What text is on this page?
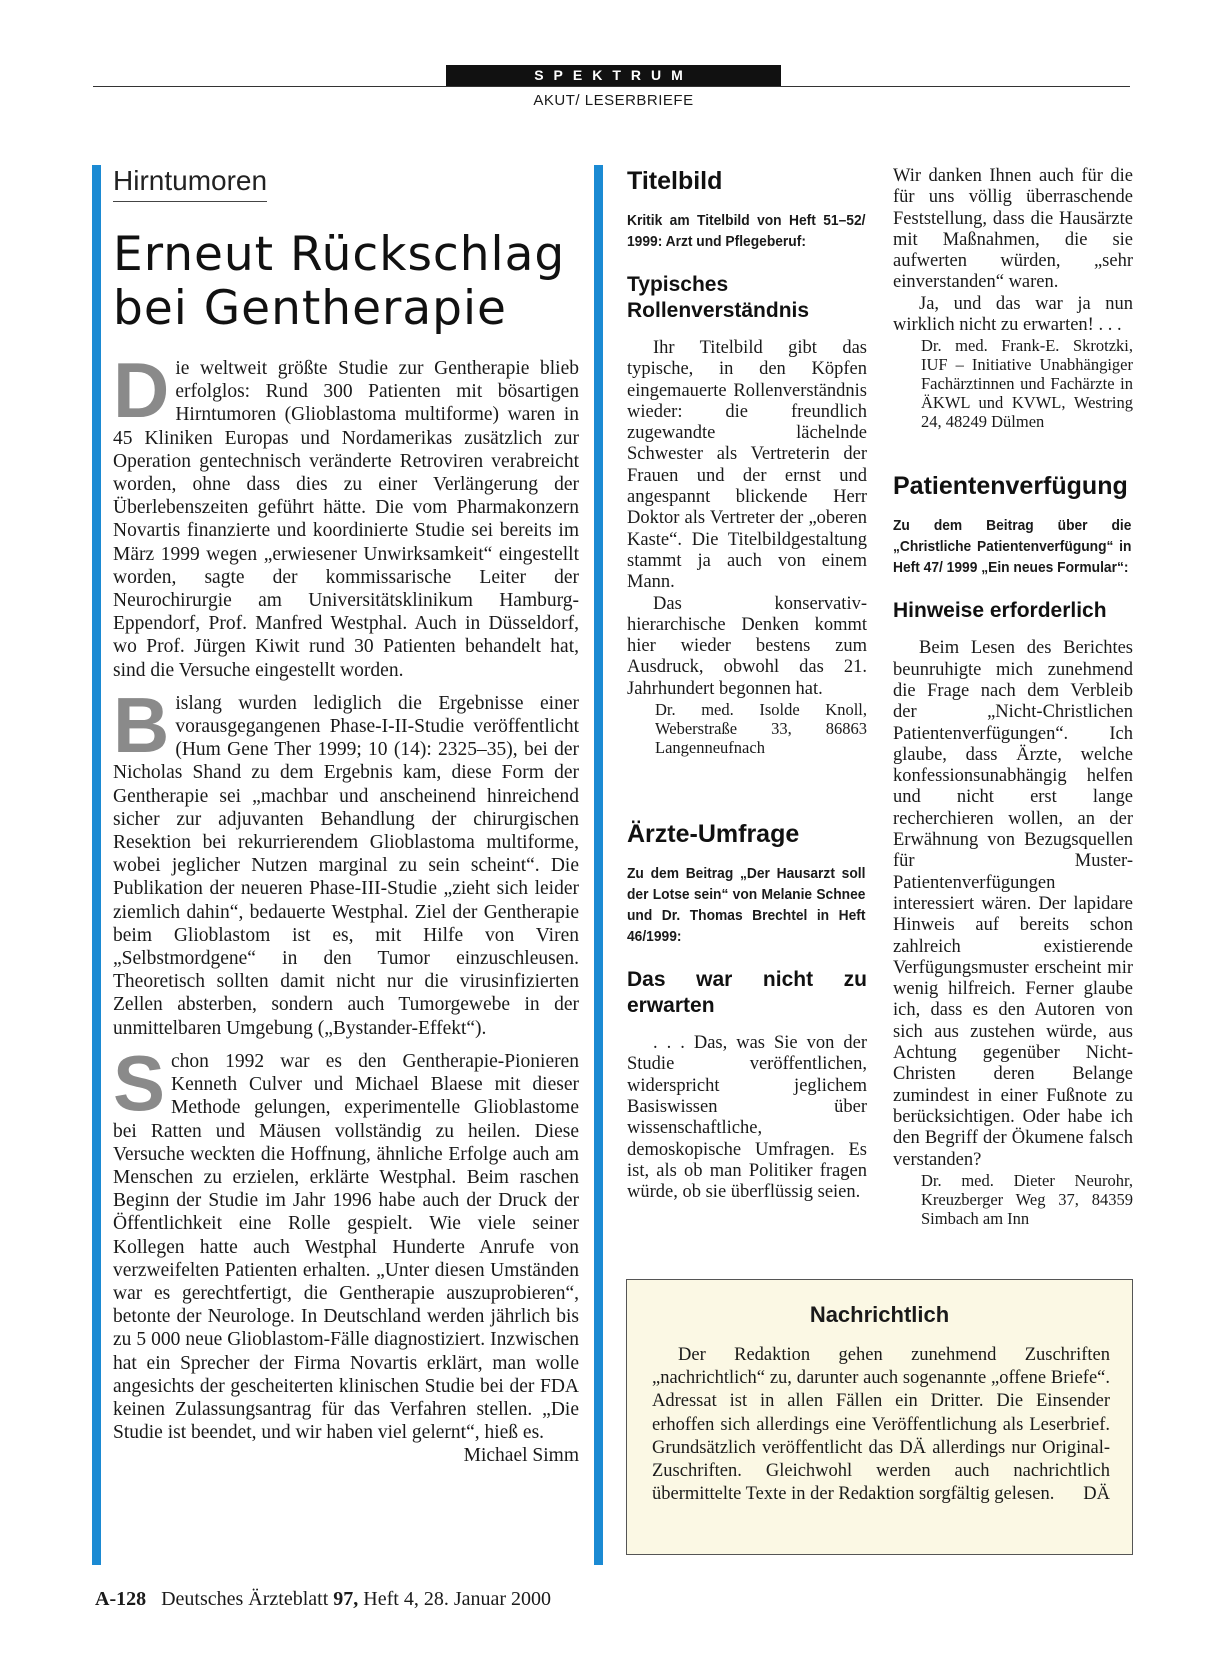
SPEKTRUM
AKUT/ LESERBRIEFE
Hirntumoren
Erneut Rückschlag bei Gentherapie

Die weltweit größte Studie zur Gentherapie blieb erfolglos: Rund 300 Patienten mit bösartigen Hirntumoren (Glioblastoma multiforme) waren in 45 Kliniken Europas und Nordamerikas zusätzlich zur Operation gentechnisch veränderte Retroviren verabreicht worden, ohne dass dies zu einer Verlängerung der Überlebenszeiten geführt hätte. Die vom Pharmakonzern Novartis finanzierte und koordinierte Studie sei bereits im März 1999 wegen „erwiesener Unwirksamkeit“ eingestellt worden, sagte der kommissarische Leiter der Neurochirurgie am Universitätsklinikum Hamburg-Eppendorf, Prof. Manfred Westphal. Auch in Düsseldorf, wo Prof. Jürgen Kiwit rund 30 Patienten behandelt hat, sind die Versuche eingestellt worden.

Bislang wurden lediglich die Ergebnisse einer vorausgegangenen Phase-I-II-Studie veröffentlicht (Hum Gene Ther 1999; 10 (14): 2325–35), bei der Nicholas Shand zu dem Ergebnis kam, diese Form der Gentherapie sei „machbar und anscheinend hinreichend sicher zur adjuvanten Behandlung der chirurgischen Resektion bei rekurrierendem Glioblastoma multiforme, wobei jeglicher Nutzen marginal zu sein scheint“. Die Publikation der neueren Phase-III-Studie „zieht sich leider ziemlich dahin“, bedauerte Westphal. Ziel der Gentherapie beim Glioblastom ist es, mit Hilfe von Viren „Selbstmordgene“ in den Tumor einzuschleusen. Theoretisch sollten damit nicht nur die virusinfizierten Zellen absterben, sondern auch Tumorgewebe in der unmittelbaren Umgebung („Bystander-Effekt“).

Schon 1992 war es den Gentherapie-Pionieren Kenneth Culver und Michael Blaese mit dieser Methode gelungen, experimentelle Glioblastome bei Ratten und Mäusen vollständig zu heilen. Diese Versuche weckten die Hoffnung, ähnliche Erfolge auch am Menschen zu erzielen, erklärte Westphal. Beim raschen Beginn der Studie im Jahr 1996 habe auch der Druck der Öffentlichkeit eine Rolle gespielt. Wie viele seiner Kollegen hatte auch Westphal Hunderte Anrufe von verzweifelten Patienten erhalten. „Unter diesen Umständen war es gerechtfertigt, die Gentherapie auszuprobieren“, betonte der Neurologe. In Deutschland werden jährlich bis zu 5 000 neue Glioblastom-Fälle diagnostiziert. Inzwischen hat ein Sprecher der Firma Novartis erklärt, man wolle angesichts der gescheiterten klinischen Studie bei der FDA keinen Zulassungsantrag für das Verfahren stellen. „Die Studie ist beendet, und wir haben viel gelernt“, hieß es.
Michael Simm

Titelbild
Kritik am Titelbild von Heft 51–52/ 1999: Arzt und Pflegeberuf:
Typisches Rollenverständnis

Ihr Titelbild gibt das typische, in den Köpfen eingemauerte Rollenverständnis wieder: die freundlich zugewandte lächelnde Schwester als Vertreterin der Frauen und der ernst und angespannt blickende Herr Doktor als Vertreter der „oberen Kaste“. Die Titelbildgestaltung stammt ja auch von einem Mann.

Das konservativ-hierarchische Denken kommt hier wieder bestens zum Ausdruck, obwohl das 21. Jahrhundert begonnen hat.

Dr. med. Isolde Knoll, Weberstraße 33, 86863 Langenneufnach

Ärzte-Umfrage
Zu dem Beitrag „Der Hausarzt soll der Lotse sein“ von Melanie Schnee und Dr. Thomas Brechtel in Heft 46/1999:
Das war nicht zu erwarten

. . . Das, was Sie von der Studie veröffentlichen, widerspricht jeglichem Basiswissen über wissenschaftliche, demoskopische Umfragen. Es ist, als ob man Politiker fragen würde, ob sie überflüssig seien.

Wir danken Ihnen auch für die für uns völlig überraschende Feststellung, dass die Hausärzte mit Maßnahmen, die sie aufwerten würden, „sehr einverstanden“ waren.

Ja, und das war ja nun wirklich nicht zu erwarten! . . .

Dr. med. Frank-E. Skrotzki, IUF – Initiative Unabhängiger Fachärztinnen und Fachärzte in ÄKWL und KVWL, Westring 24, 48249 Dülmen

Patientenverfügung
Zu dem Beitrag über die „Christliche Patientenverfügung“ in Heft 47/ 1999 „Ein neues Formular“:
Hinweise erforderlich

Beim Lesen des Berichtes beunruhigte mich zunehmend die Frage nach dem Verbleib der „Nicht-Christlichen Patientenverfügungen“. Ich glaube, dass Ärzte, welche konfessionsunabhängig helfen und nicht erst lange recherchieren wollen, an der Erwähnung von Bezugsquellen für Muster-Patientenverfügungen interessiert wären. Der lapidare Hinweis auf bereits schon zahlreich existierende Verfügungsmuster erscheint mir wenig hilfreich. Ferner glaube ich, dass es den Autoren von sich aus zustehen würde, aus Achtung gegenüber Nicht-Christen deren Belange zumindest in einer Fußnote zu berücksichtigen. Oder habe ich den Begriff der Ökumene falsch verstanden?

Dr. med. Dieter Neurohr, Kreuzberger Weg 37, 84359 Simbach am Inn

Nachrichtlich
Der Redaktion gehen zunehmend Zuschriften „nachrichtlich“ zu, darunter auch sogenannte „offene Briefe“. Adressat ist in allen Fällen ein Dritter. Die Einsender erhoffen sich allerdings eine Veröffentlichung als Leserbrief. Grundsätzlich veröffentlicht das DÄ allerdings nur Original-Zuschriften. Gleichwohl werden auch nachrichtlich übermittelte Texte in der Redaktion sorgfältig gelesen.	DÄ
A-128 Deutsches Ärzteblatt 97, Heft 4, 28. Januar 2000
